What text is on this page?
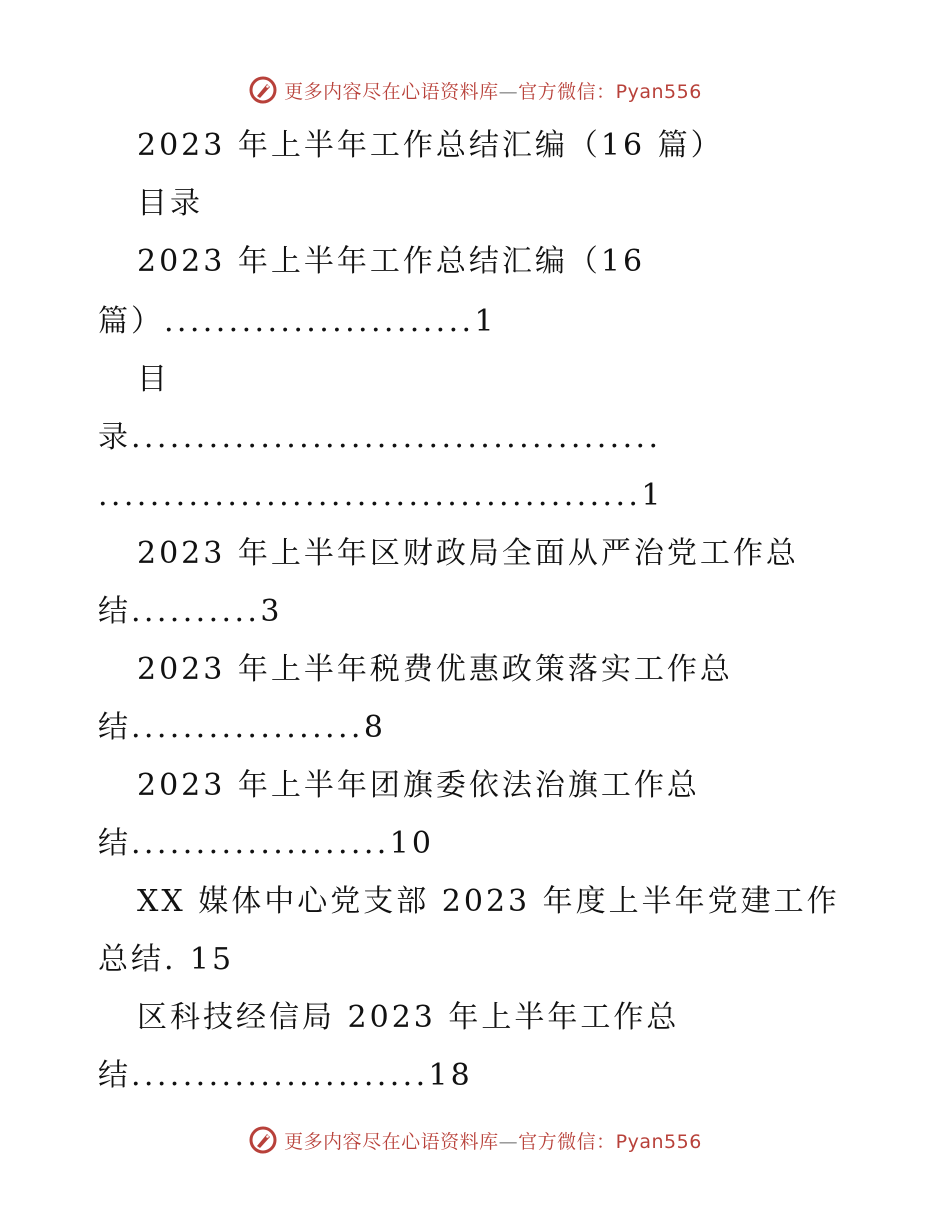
更多内容尽在心语资料库—官方微信：Pyan556
2023 年上半年工作总结汇编（16 篇）
目录
2023 年上半年工作总结汇编（16
篇）........................1
目
录.........................................
..........................................1
2023 年上半年区财政局全面从严治党工作总
结..........3
2023 年上半年税费优惠政策落实工作总
结..................8
2023 年上半年团旗委依法治旗工作总
结....................10
XX 媒体中心党支部 2023 年度上半年党建工作
总结. 15
区科技经信局 2023 年上半年工作总
结.......................18
更多内容尽在心语资料库—官方微信：Pyan556
